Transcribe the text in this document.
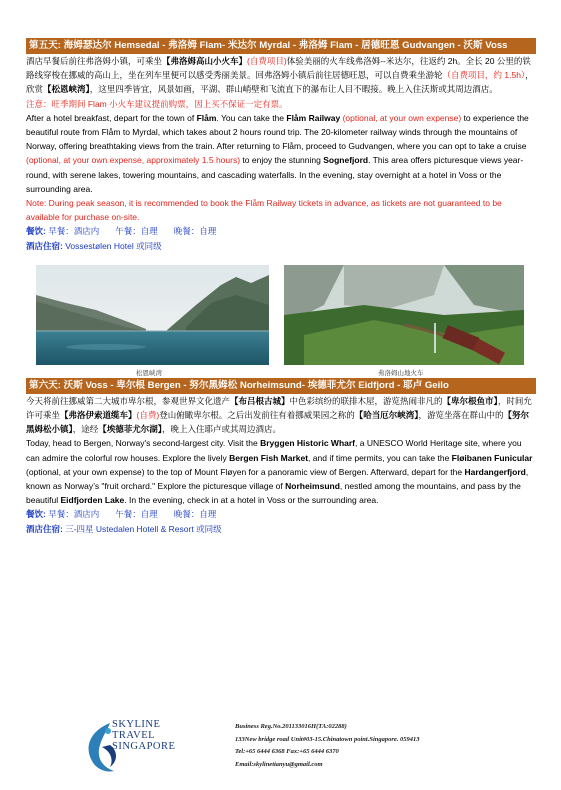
第五天: 海姆瑟达尔 Hemsedal - 弗洛姆 Flam- 米达尔 Myrdal - 弗洛姆 Flam - 居德旺恩 Gudvangen - 沃斯 Voss

酒店早餐后前往弗洛姆小镇，可乘坐【弗洛姆高山小火车】(自费项目)体验美丽的火车线弗洛姆--米达尔，往返约 2h。全长 20 公里的铁路线穿梭在挪威的高山上，坐在列车里便可以感受秀丽美景。回弗洛姆小镇后前往居德旺恩，可以自费乘坐游轮（自费项目，约 1.5h），欣赏【松恩峡湾】，这里四季皆宜，风景如画，平湖、群山峭壁和飞流直下的瀑布让人目不暇接。晚上入住沃斯或其周边酒店。

注意：旺季期间 Flam 小火车建议提前购票，因上买不保证一定有票。

After a hotel breakfast, depart for the town of Flåm. You can take the Flåm Railway (optional, at your own expense) to experience the beautiful route from Flåm to Myrdal, which takes about 2 hours round trip. The 20-kilometer railway winds through the mountains of Norway, offering breathtaking views from the train. After returning to Flåm, proceed to Gudvangen, where you can opt to take a cruise (optional, at your own expense, approximately 1.5 hours) to enjoy the stunning Sognefjord. This area offers picturesque views year-round, with serene lakes, towering mountains, and cascading waterfalls. In the evening, stay overnight at a hotel in Voss or the surrounding area.

Note: During peak season, it is recommended to book the Flåm Railway tickets in advance, as tickets are not guaranteed to be available for purchase on-site.

餐饮: 早餐：酒店内 午餐：自理 晚餐：自理
酒店住宿: Vossestølen Hotel 或同级
松恩峡湾	弗洛姆山地火车
第六天: 沃斯 Voss - 卑尔根 Bergen - 努尔黑姆松 Norheimsund- 埃德菲尤尔 Eidfjord - 耶卢 Geilo

今天将前往挪威第二大城市卑尔根，参观世界文化遗产【布吕根古城】中色彩缤纷的联排木屋，游览热闹非凡的【卑尔根鱼市】，时间允许可乘坐【弗洛伊索道缆车】(自费)登山俯瞰卑尔根。之后出发前往有着挪威果园之称的【哈当厄尔峡湾】，游览坐落在群山中的【努尔黑姆松小镇】，途经【埃德菲尤尔湖】，晚上入住耶卢或其周边酒店。

Today, head to Bergen, Norway's second-largest city. Visit the Bryggen Historic Wharf, a UNESCO World Heritage site, where you can admire the colorful row houses. Explore the lively Bergen Fish Market, and if time permits, you can take the Fløibanen Funicular (optional, at your own expense) to the top of Mount Fløyen for a panoramic view of Bergen. Afterward, depart for the Hardangerfjord, known as Norway’s "fruit orchard." Explore the picturesque village of Norheimsund, nestled among the mountains, and pass by the beautiful Eidfjorden Lake. In the evening, check in at a hotel in Voss or the surrounding area.

餐饮: 早餐：酒店内 午餐：自理 晚餐：自理
酒店住宿: 三-四星 Ustedalen Hotell & Resort 或同级
SKYLINE
TRAVEL
SINGAPORE
Business Reg.No.201133016H(TA:02288)
133New bridge road Unit#03-15.Chinatown point.Singapore. 059413
Tel:+65 6444 6368 Fax:+65 6444 6370
Email:skylinetianyu@gmail.com
